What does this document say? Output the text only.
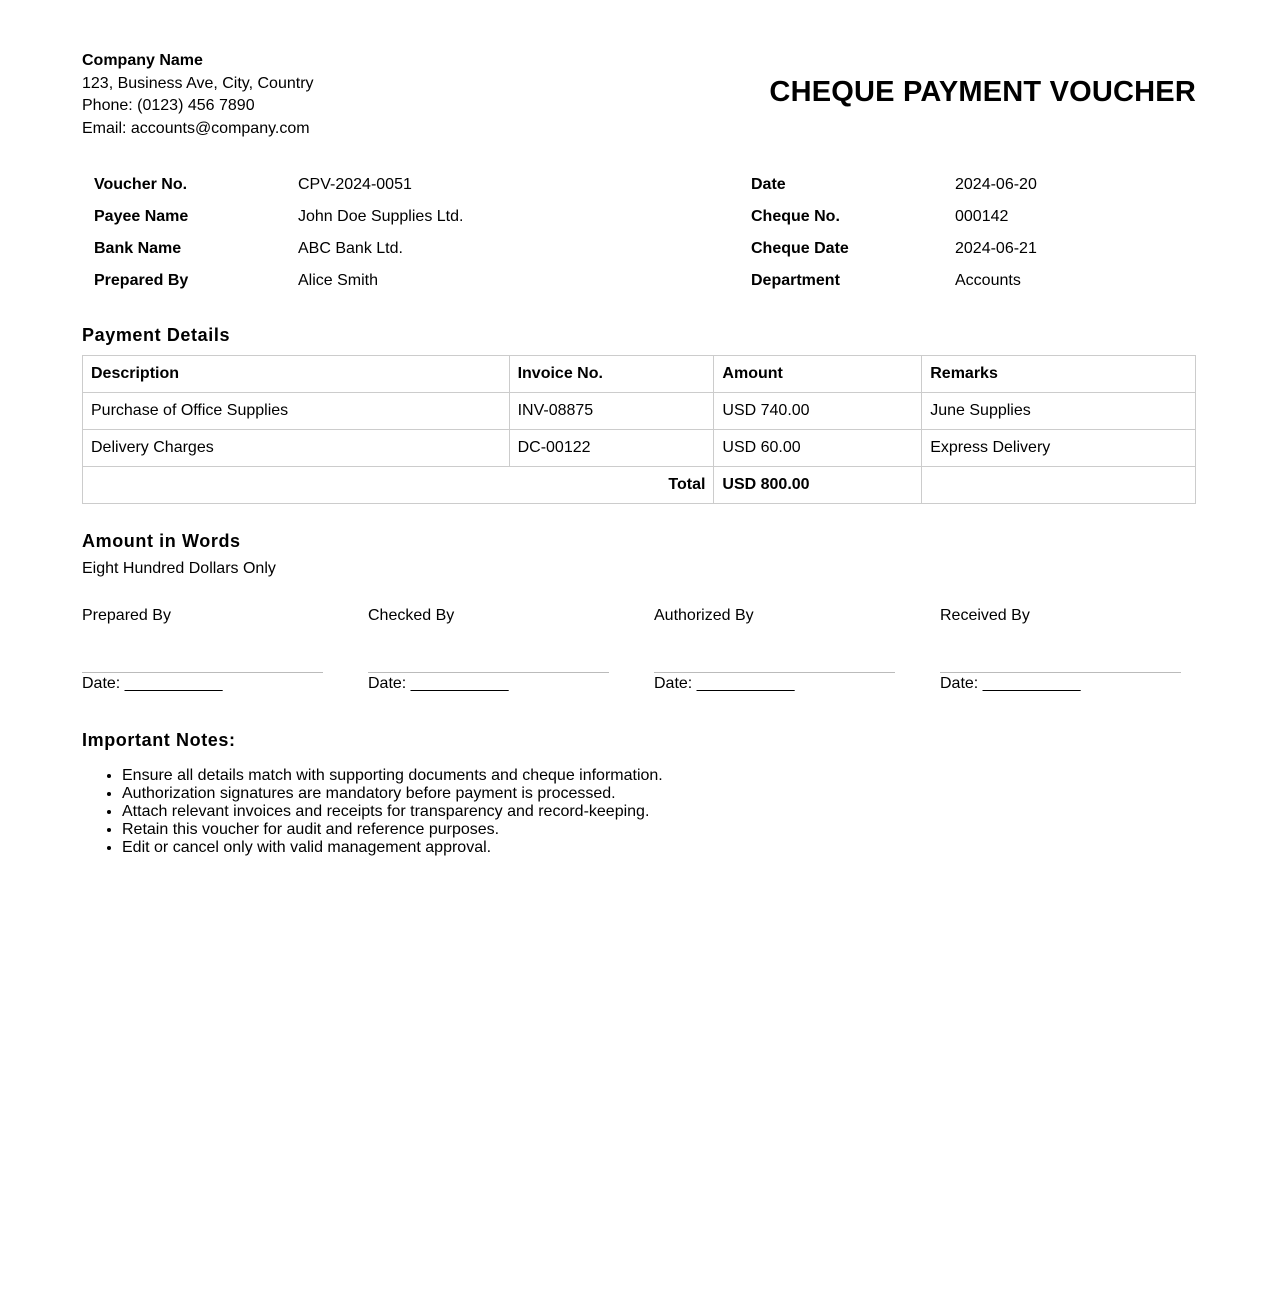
Company Name
123, Business Ave, City, Country
Phone: (0123) 456 7890
Email: accounts@company.com
CHEQUE PAYMENT VOUCHER
Voucher No.	CPV-2024-0051	Date	2024-06-20
Payee Name	John Doe Supplies Ltd.	Cheque No.	000142
Bank Name	ABC Bank Ltd.	Cheque Date	2024-06-21
Prepared By	Alice Smith	Department	Accounts
Payment Details
Description	Invoice No.	Amount	Remarks
Purchase of Office Supplies	INV-08875	USD 740.00	June Supplies
Delivery Charges	DC-00122	USD 60.00	Express Delivery
Total		USD 800.00	
Amount in Words
Eight Hundred Dollars Only
Prepared By
Date: ___________
Checked By
Date: ___________
Authorized By
Date: ___________
Received By
Date: ___________
Important Notes:
• Ensure all details match with supporting documents and cheque information.
• Authorization signatures are mandatory before payment is processed.
• Attach relevant invoices and receipts for transparency and record-keeping.
• Retain this voucher for audit and reference purposes.
• Edit or cancel only with valid management approval.
